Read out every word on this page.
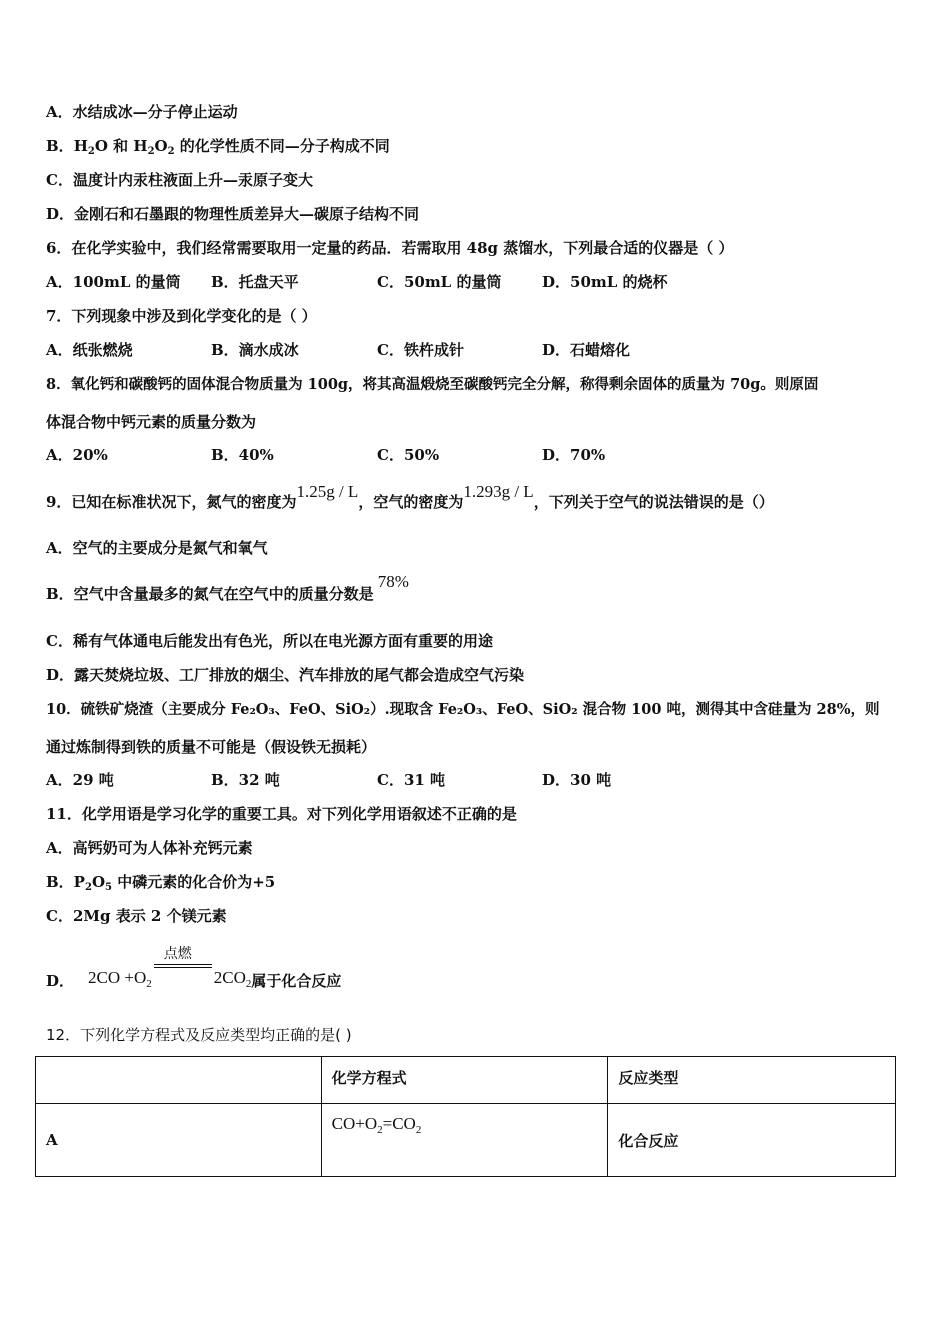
A．水结成冰—分子停止运动
B．$H_2O$ 和 $H_2O_2$ 的化学性质不同—分子构成不同
C．温度计内汞柱液面上升—汞原子变大
D．金刚石和石墨跟的物理性质差异大—碳原子结构不同
6．在化学实验中，我们经常需要取用一定量的药品．若需取用 48g 蒸馏水，下列最合适的仪器是（ ）
A．100mL 的量筒 B．托盘天平	C．50mL 的量筒	D．50mL 的烧杯
7．下列现象中涉及到化学变化的是（ ）
A．纸张燃烧	B．滴水成冰	C．铁杵成针	D．石蜡熔化
8．氧化钙和碳酸钙的固体混合物质量为 100g，将其高温煅烧至碳酸钙完全分解，称得剩余固体的质量为 70g。则原固
体混合物中钙元素的质量分数为
A．20%	B．40%	C．50%	D．70%
9．已知在标准状况下，氮气的密度为1.25g / L，空气的密度为1.293g / L，下列关于空气的说法错误的是（）
A．空气的主要成分是氮气和氧气
B．空气中含量最多的氮气在空气中的质量分数是78%
C．稀有气体通电后能发出有色光，所以在电光源方面有重要的用途
D．露天焚烧垃圾、工厂排放的烟尘、汽车排放的尾气都会造成空气污染
10．硫铁矿烧渣（主要成分 Fe₂O₃、FeO、SiO₂）.现取含 Fe₂O₃、FeO、SiO₂ 混合物 100 吨，测得其中含硅量为 28%，则
通过炼制得到铁的质量不可能是（假设铁无损耗）
A．29 吨	B．32 吨	C．31 吨	D．30 吨
11．化学用语是学习化学的重要工具。对下列化学用语叙述不正确的是
A．高钙奶可为人体补充钙元素
B．$P_2O_5$ 中磷元素的化合价为+5
C．2Mg 表示 2 个镁元素
D． $2CO +O_2$
点燃
$2CO_2$属于化合反应
12．下列化学方程式及反应类型均正确的是( )
	化学方程式	反应类型
A	$CO+O_2=CO_2$	化合反应
